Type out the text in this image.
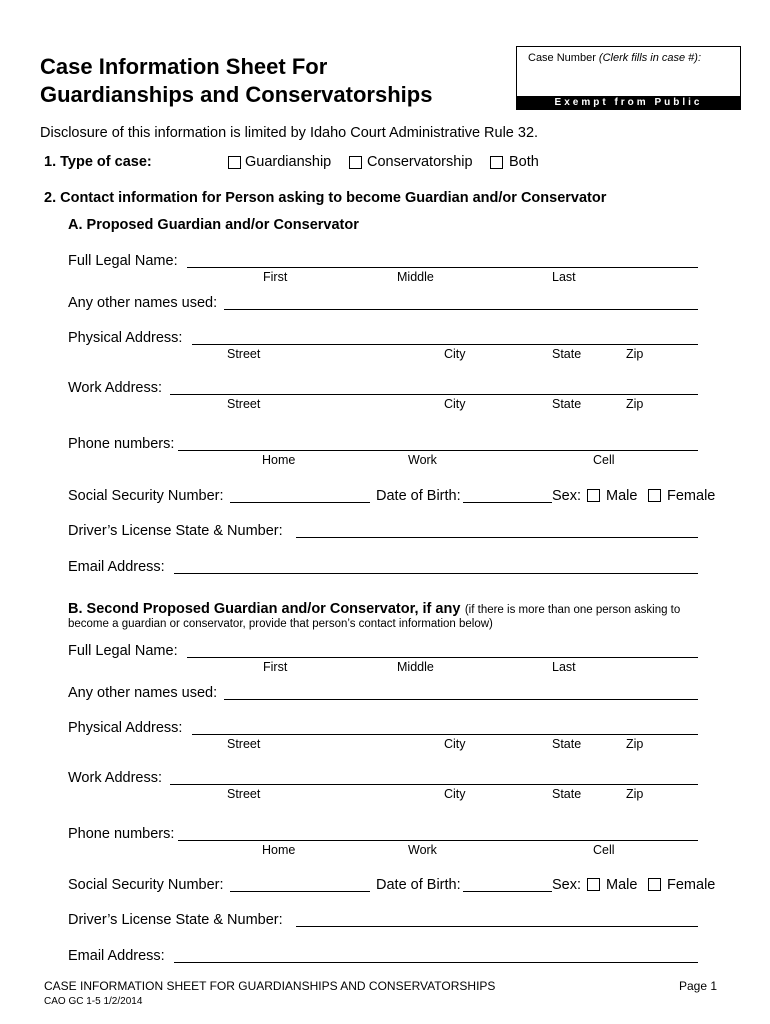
Case Information Sheet For
Guardianships and Conservatorships
Case Number (Clerk fills in case #):
Exempt from Public Disclosure
Disclosure of this information is limited by Idaho Court Administrative Rule 32.
1. Type of case:	Guardianship Conservatorship	Both
2. Contact information for Person asking to become Guardian and/or Conservator
A. Proposed Guardian and/or Conservator
Full Legal Name:
First	Middle	Last
Any other names used:
Physical Address:
Street	City	State	Zip
Work Address:
Street	City	State	Zip
Phone numbers:
Home	Work	Cell
Social Security Number:	Date of Birth:	Sex: Male Female
Driver’s License State & Number:
Email Address:
B. Second Proposed Guardian and/or Conservator, if any (if there is more than one person asking to
become a guardian or conservator, provide that person’s contact information below)
Full Legal Name:
First	Middle	Last
Any other names used:
Physical Address:
Street	City	State	Zip
Work Address:
Street	City	State	Zip
Phone numbers:
Home	Work	Cell
Social Security Number:	Date of Birth:	Sex: Male Female
Driver’s License State & Number:
Email Address:
CASE INFORMATION SHEET FOR GUARDIANSHIPS AND CONSERVATORSHIPS	Page 1
CAO GC 1-5 1/2/2014
